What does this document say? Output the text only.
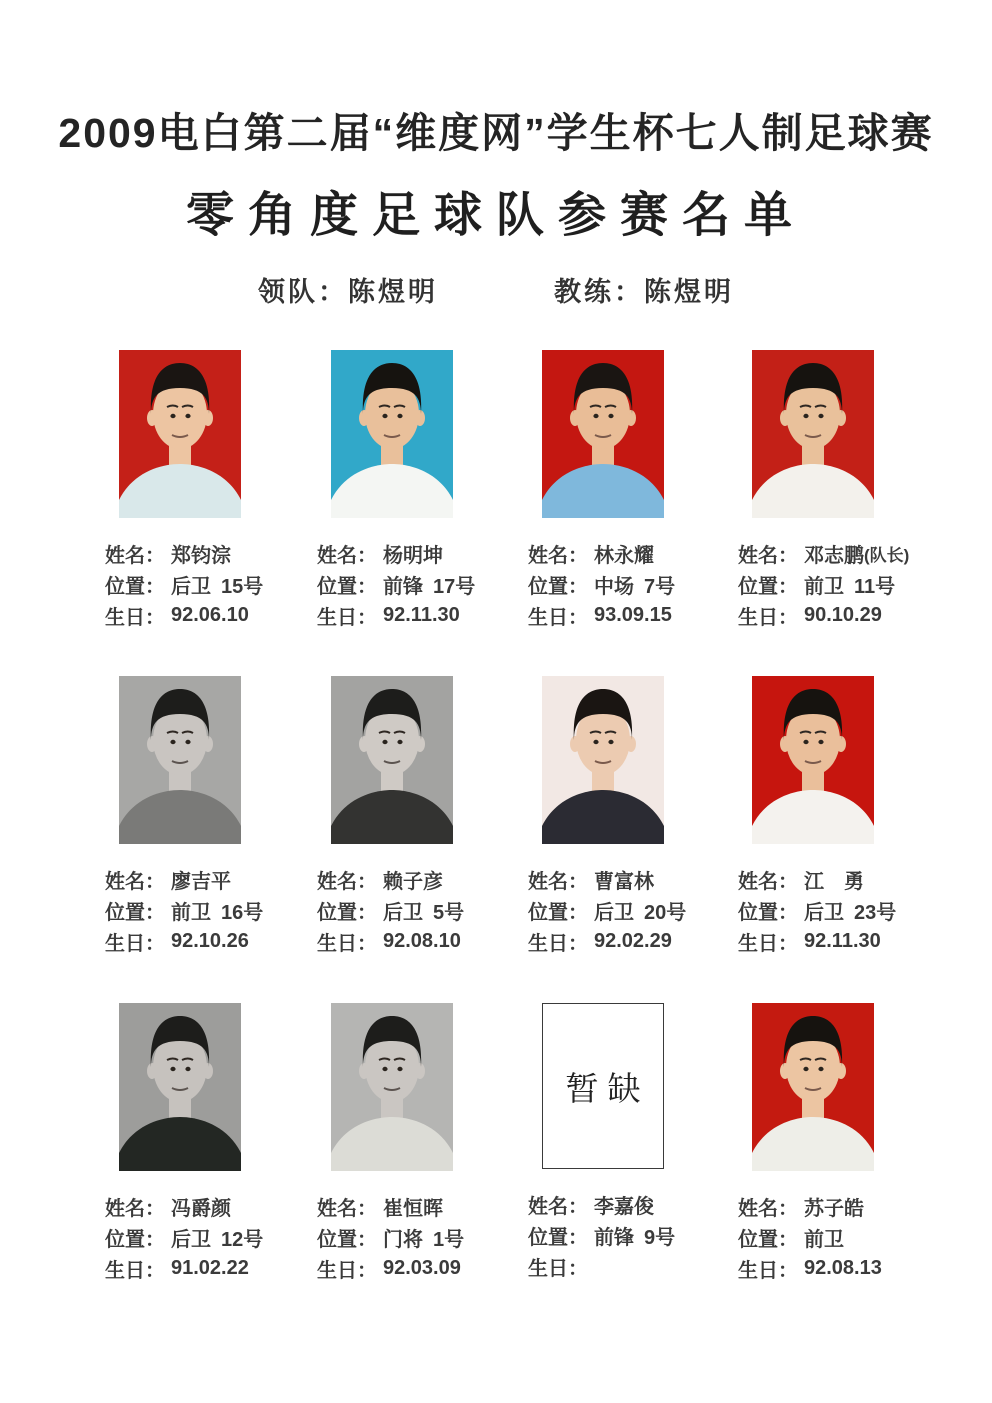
2009电白第二届“维度网”学生杯七人制足球赛
零角度足球队参赛名单
领队：陈煜明	教练：陈煜明
姓名： 郑钧淙
位置： 后卫 15号
生日： 92.06.10
姓名： 杨明坤
位置： 前锋 17号
生日： 92.11.30
姓名： 林永耀
位置： 中场 7号
生日： 93.09.15
姓名： 邓志鹏 (队长)
位置： 前卫 11号
生日： 90.10.29
姓名： 廖吉平
位置： 前卫 16号
生日： 92.10.26
姓名： 赖子彦
位置： 后卫 5号
生日： 92.08.10
姓名： 曹富林
位置： 后卫 20号
生日： 92.02.29
姓名： 江　勇
位置： 后卫 23号
生日： 92.11.30
姓名： 冯爵颜
位置： 后卫 12号
生日： 91.02.22
姓名： 崔恒晖
位置： 门将 1号
生日： 92.03.09
暂缺
姓名： 李嘉俊
位置： 前锋 9号
生日：
姓名： 苏子皓
位置： 前卫
生日： 92.08.13
